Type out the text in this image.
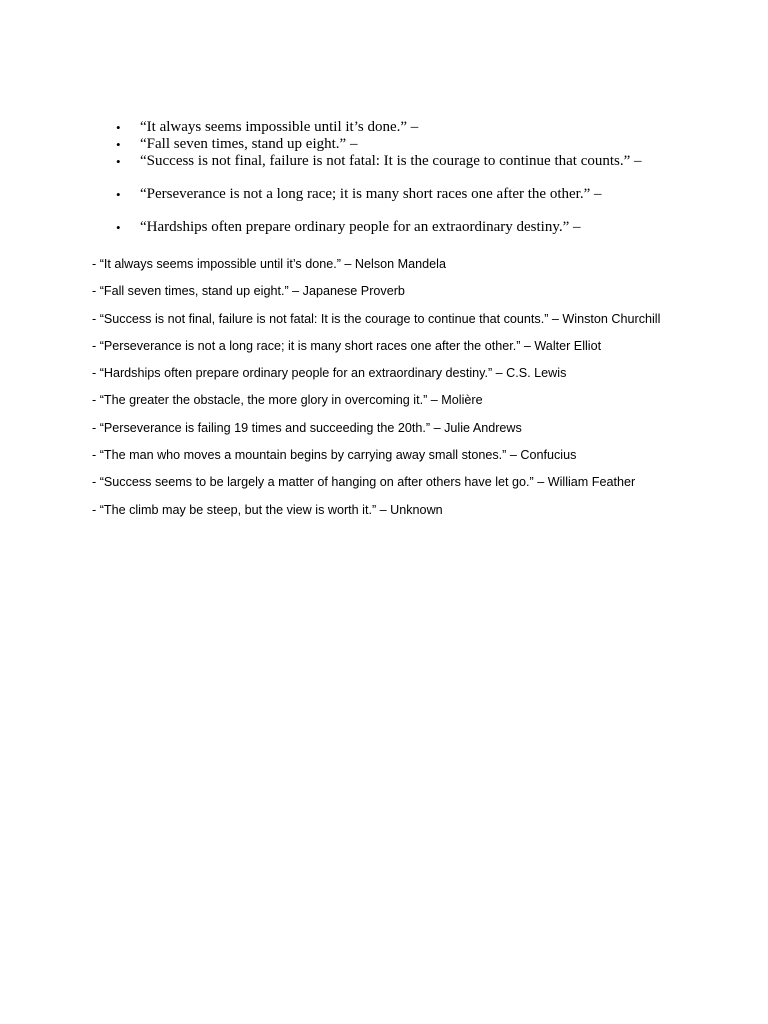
• “It always seems impossible until it’s done.” –
• “Fall seven times, stand up eight.” –
• “Success is not final, failure is not fatal: It is the courage to continue that counts.” –
• “Perseverance is not a long race; it is many short races one after the other.” –
• “Hardships often prepare ordinary people for an extraordinary destiny.” –

- “It always seems impossible until it’s done.” – Nelson Mandela

- “Fall seven times, stand up eight.” – Japanese Proverb

- “Success is not final, failure is not fatal: It is the courage to continue that counts.” – Winston Churchill

- “Perseverance is not a long race; it is many short races one after the other.” – Walter Elliot

- “Hardships often prepare ordinary people for an extraordinary destiny.” – C.S. Lewis

- “The greater the obstacle, the more glory in overcoming it.” – Molière

- “Perseverance is failing 19 times and succeeding the 20th.” – Julie Andrews

- “The man who moves a mountain begins by carrying away small stones.” – Confucius

- “Success seems to be largely a matter of hanging on after others have let go.” – William Feather

- “The climb may be steep, but the view is worth it.” – Unknown
